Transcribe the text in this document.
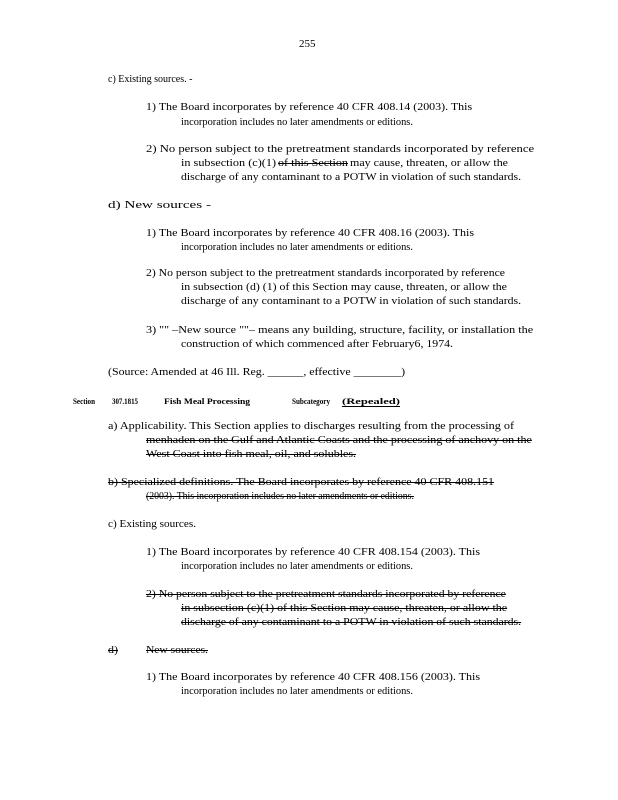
255
c) Existing sources. -
1) The Board incorporates by reference 40 CFR 408.14 (2003). This
incorporation includes no later amendments or editions.
2) No person subject to the pretreatment standards incorporated by reference
in subsection (c)(1) of this Section may cause, threaten, or allow the
discharge of any contaminant to a POTW in violation of such standards.
d) New sources -
1) The Board incorporates by reference 40 CFR 408.16 (2003). This
incorporation includes no later amendments or editions.
2) No person subject to the pretreatment standards incorporated by reference
in subsection (d) (1) of this Section may cause, threaten, or allow the
discharge of any contaminant to a POTW in violation of such standards.
3) "" –New source ""– means any building, structure, facility, or installation the
construction of which commenced after February6, 1974.
(Source: Amended at 46 Ill. Reg. ______, effective ________)
Section 307.1815	Fish Meal Processing	Subcategory (Repealed)
a) Applicability. This Section applies to discharges resulting from the processing of
menhaden on the Gulf and Atlantic Coasts and the processing of anchovy on the
West Coast into fish meal, oil, and solubles.
b) Specialized definitions. The Board incorporates by reference 40 CFR 408.151
(2003). This incorporation includes no later amendments or editions.
c) Existing sources.
1) The Board incorporates by reference 40 CFR 408.154 (2003). This
incorporation includes no later amendments or editions.
2) No person subject to the pretreatment standards incorporated by reference
in subsection (c)(1) of this Section may cause, threaten, or allow the
discharge of any contaminant to a POTW in violation of such standards.
d)	New sources.
1) The Board incorporates by reference 40 CFR 408.156 (2003). This
incorporation includes no later amendments or editions.
